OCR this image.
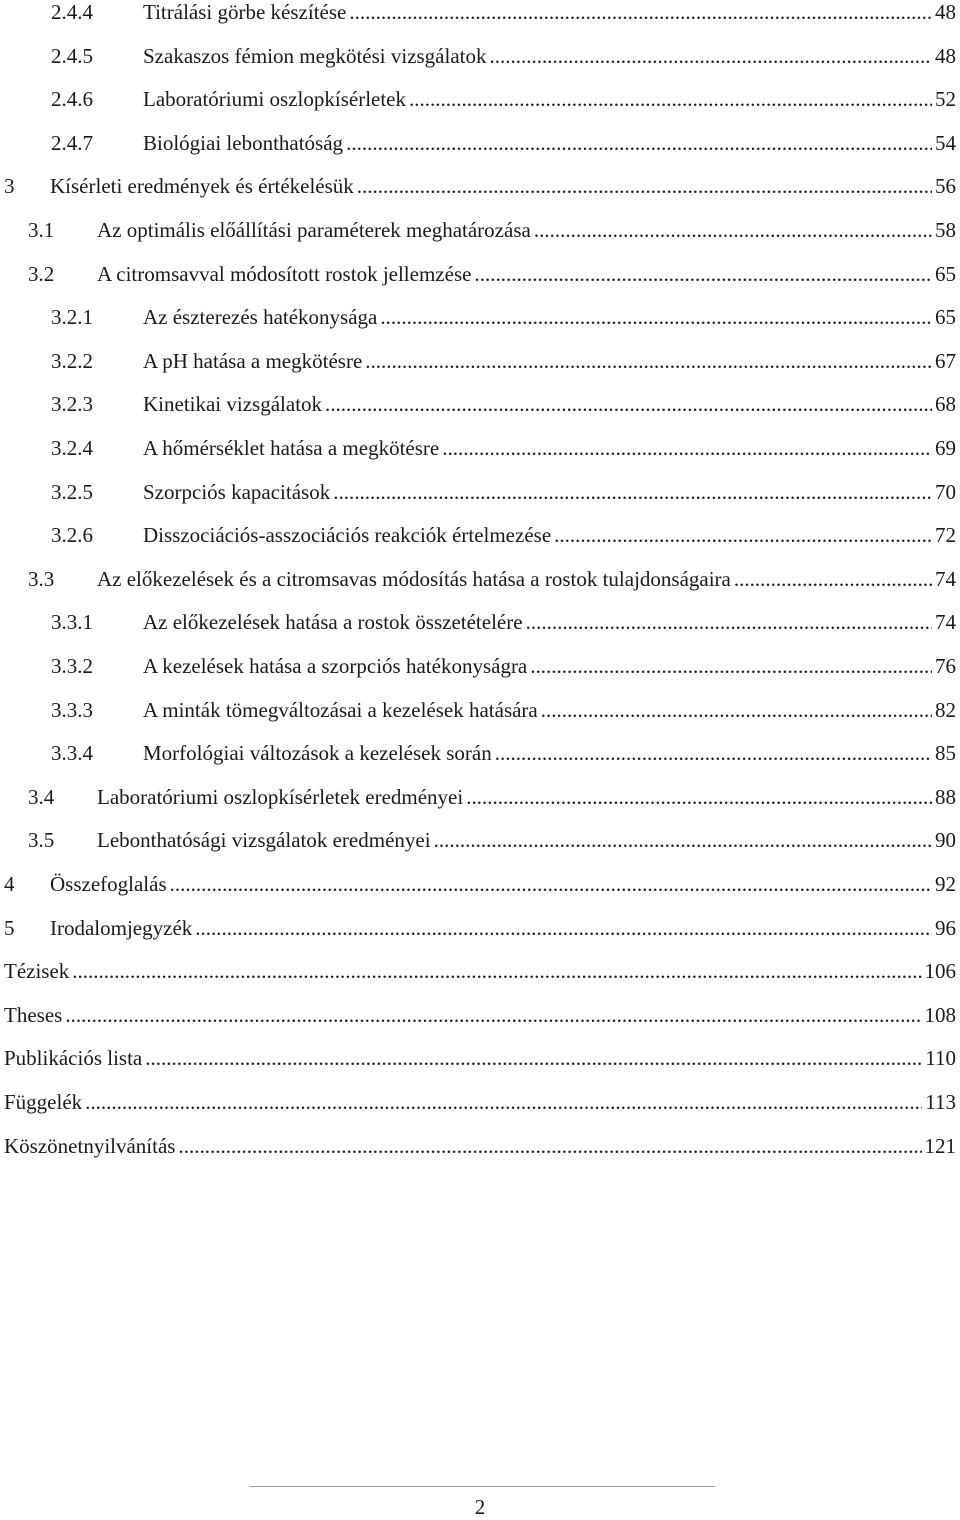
2.4.4 Titrálási görbe készítése .....	48
2.4.5 Szakaszos fémion megkötési vizsgálatok .....	48
2.4.6 Laboratóriumi oszlopkísérletek .....	52
2.4.7 Biológiai lebonthatóság .....	54
3 Kísérleti eredmények és értékelésük .....	56
3.1 Az optimális előállítási paraméterek meghatározása .....	58
3.2 A citromsavval módosított rostok jellemzése .....	65
3.2.1 Az észterezés hatékonysága .....	65
3.2.2 A pH hatása a megkötésre .....	67
3.2.3 Kinetikai vizsgálatok .....	68
3.2.4 A hőmérséklet hatása a megkötésre .....	69
3.2.5 Szorpciós kapacitások .....	70
3.2.6 Disszociációs-asszociációs reakciók értelmezése .....	72
3.3 Az előkezelések és a citromsavas módosítás hatása a rostok tulajdonságaira .....	74
3.3.1 Az előkezelések hatása a rostok összetételére .....	74
3.3.2 A kezelések hatása a szorpciós hatékonyságra .....	76
3.3.3 A minták tömegváltozásai a kezelések hatására .....	82
3.3.4 Morfológiai változások a kezelések során .....	85
3.4 Laboratóriumi oszlopkísérletek eredményei .....	88
3.5 Lebonthatósági vizsgálatok eredményei .....	90
4 Összefoglalás .....	92
5 Irodalomjegyzék .....	96
Tézisek .....	106
Theses .....	108
Publikációs lista .....	110
Függelék .....	113
Köszönetnyilvánítás .....	121
2
